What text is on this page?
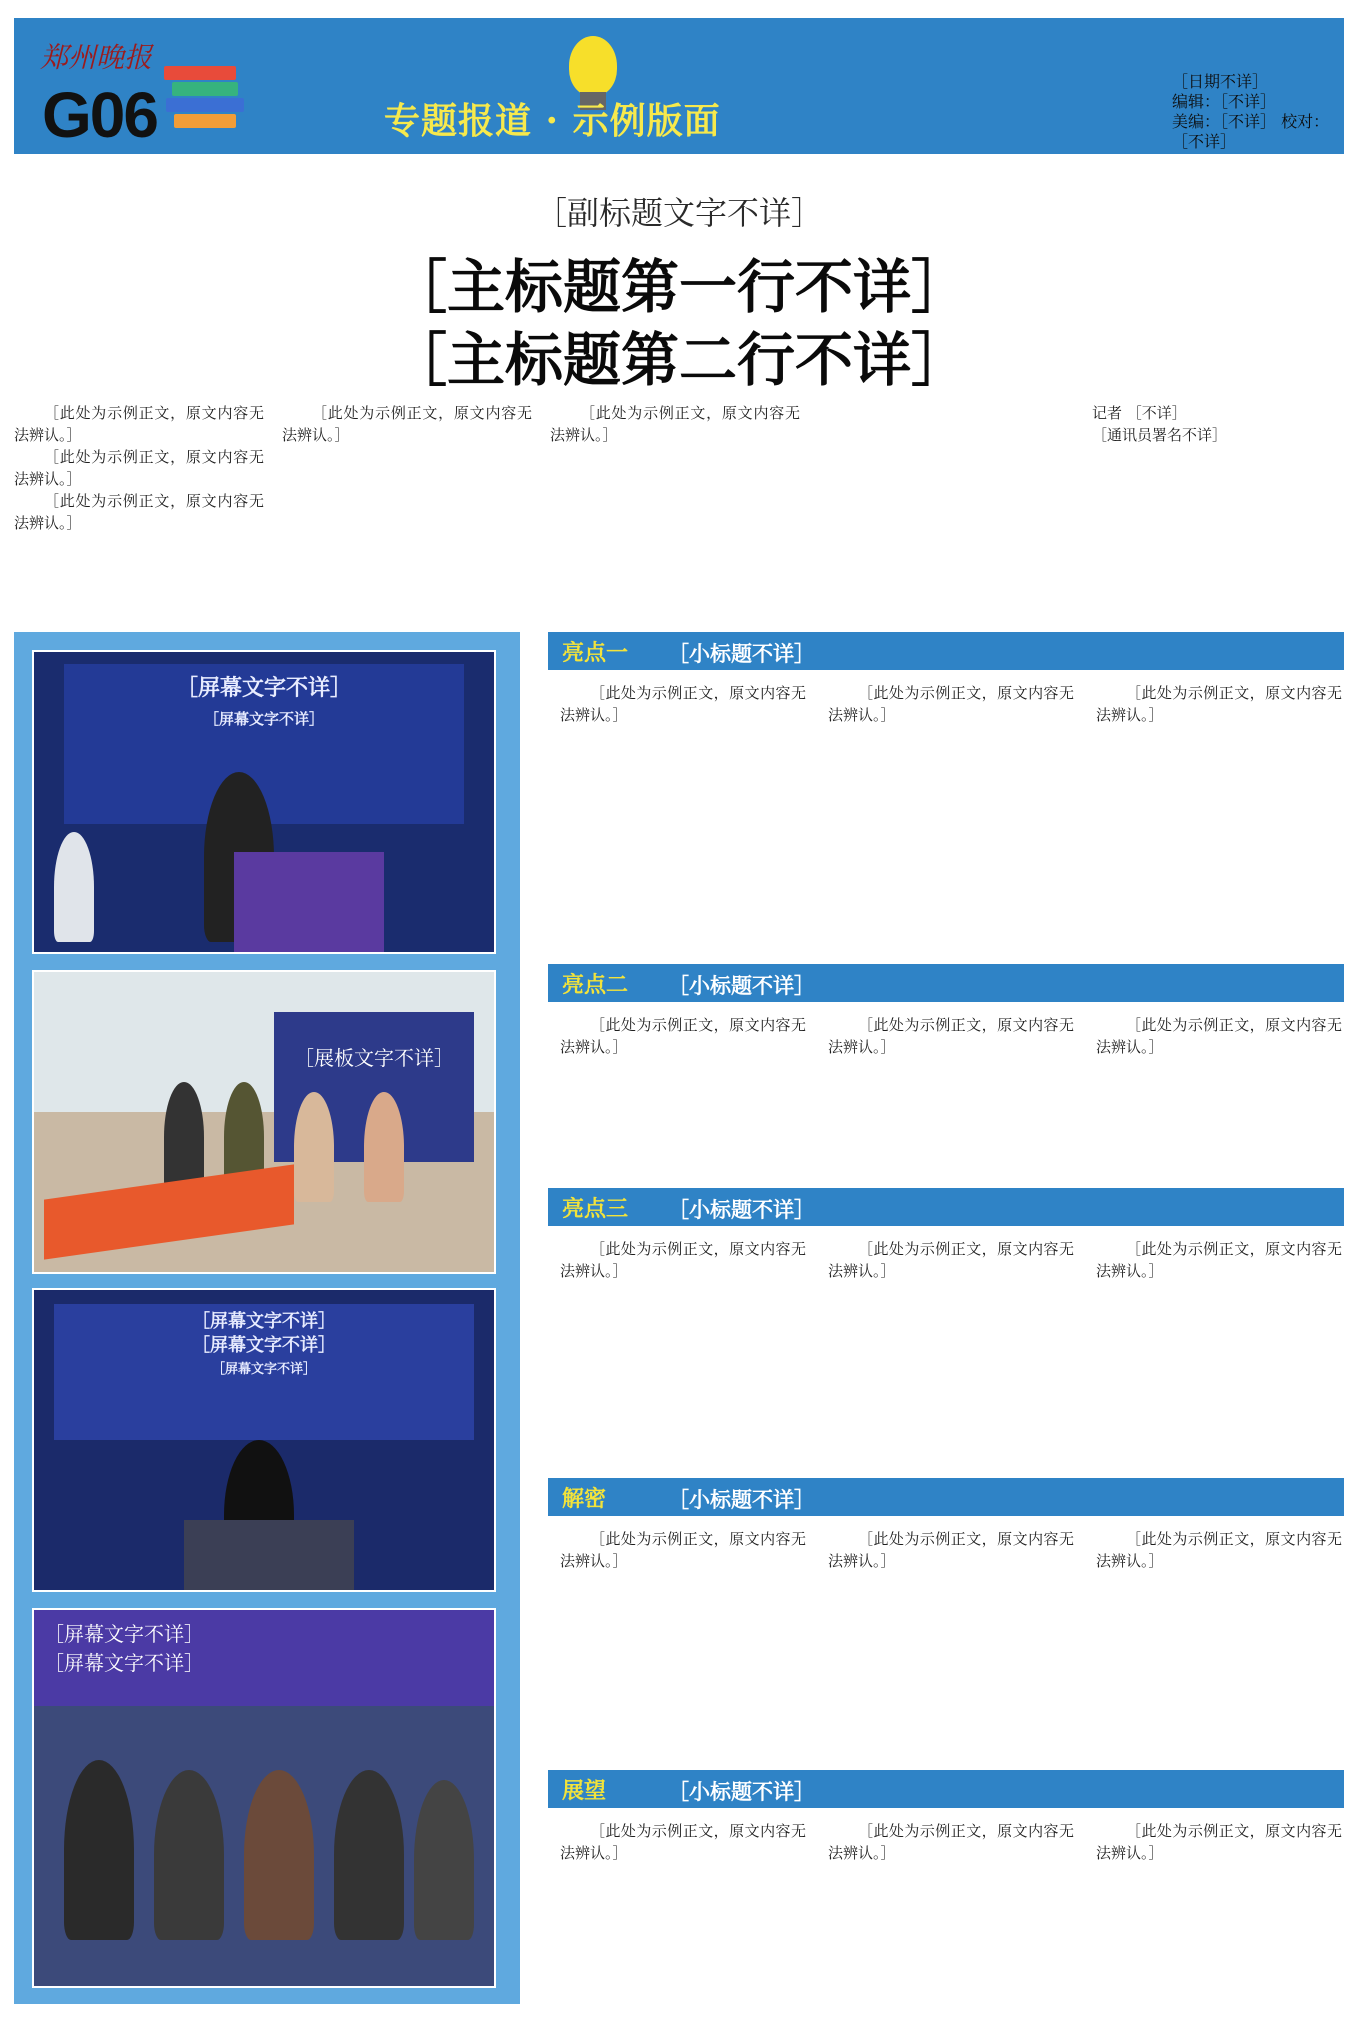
郑州晚报
G06	专题报道 · 示例版面
［日期不详］
编辑：［不详］
美编：［不详］ 校对：［不详］
［副标题文字不详］
［主标题第一行不详］
［主标题第二行不详］

［此处为示例正文，原文内容无法辨认。］

［此处为示例正文，原文内容无法辨认。］

［此处为示例正文，原文内容无法辨认。］

［此处为示例正文，原文内容无法辨认。］

［此处为示例正文，原文内容无法辨认。］

记者 ［不详］

［通讯员署名不详］

［屏幕文字不详］
［屏幕文字不详］
［展板文字不详］
［屏幕文字不详］
［屏幕文字不详］
［屏幕文字不详］
［屏幕文字不详］
［屏幕文字不详］
亮点一 ［小标题不详］

［此处为示例正文，原文内容无法辨认。］

［此处为示例正文，原文内容无法辨认。］

［此处为示例正文，原文内容无法辨认。］

亮点二 ［小标题不详］

［此处为示例正文，原文内容无法辨认。］

［此处为示例正文，原文内容无法辨认。］

［此处为示例正文，原文内容无法辨认。］

亮点三 ［小标题不详］

［此处为示例正文，原文内容无法辨认。］

［此处为示例正文，原文内容无法辨认。］

［此处为示例正文，原文内容无法辨认。］

解密	［小标题不详］

［此处为示例正文，原文内容无法辨认。］

［此处为示例正文，原文内容无法辨认。］

［此处为示例正文，原文内容无法辨认。］

展望	［小标题不详］

［此处为示例正文，原文内容无法辨认。］

［此处为示例正文，原文内容无法辨认。］

［此处为示例正文，原文内容无法辨认。］
